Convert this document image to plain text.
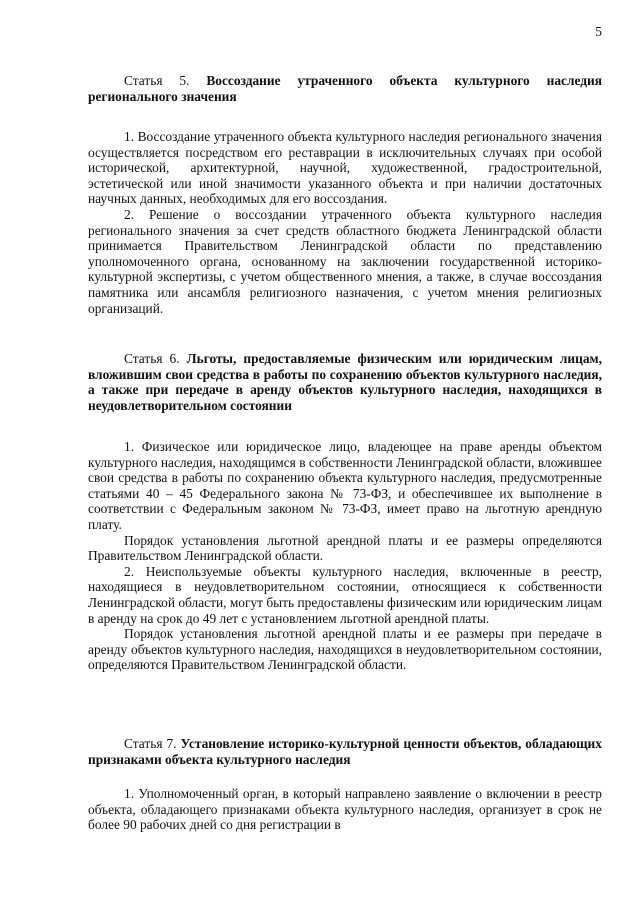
5

Статья 5. Воссоздание утраченного объекта культурного наследия регионального значения

1. Воссоздание утраченного объекта культурного наследия регионального значения осуществляется посредством его реставрации в исключительных случаях при особой исторической, архитектурной, научной, художественной, градостроительной, эстетической или иной значимости указанного объекта и при наличии достаточных научных данных, необходимых для его воссоздания.

2. Решение о воссоздании утраченного объекта культурного наследия регионального значения за счет средств областного бюджета Ленинградской области принимается Правительством Ленинградской области по представлению уполномоченного органа, основанному на заключении государственной историко-культурной экспертизы, с учетом общественного мнения, а также, в случае воссоздания памятника или ансамбля религиозного назначения, с учетом мнения религиозных организаций.

Статья 6. Льготы, предоставляемые физическим или юридическим лицам, вложившим свои средства в работы по сохранению объектов культурного наследия, а также при передаче в аренду объектов культурного наследия, находящихся в неудовлетворительном состоянии

1. Физическое или юридическое лицо, владеющее на праве аренды объектом культурного наследия, находящимся в собственности Ленинградской области, вложившее свои средства в работы по сохранению объекта культурного наследия, предусмотренные статьями 40 – 45 Федерального закона № 73-ФЗ, и обеспечившее их выполнение в соответствии с Федеральным законом № 73-ФЗ, имеет право на льготную арендную плату.

Порядок установления льготной арендной платы и ее размеры определяются Правительством Ленинградской области.

2. Неиспользуемые объекты культурного наследия, включенные в реестр, находящиеся в неудовлетворительном состоянии, относящиеся к собственности Ленинградской области, могут быть предоставлены физическим или юридическим лицам в аренду на срок до 49 лет с установлением льготной арендной платы.

Порядок установления льготной арендной платы и ее размеры при передаче в аренду объектов культурного наследия, находящихся в неудовлетворительном состоянии, определяются Правительством Ленинградской области.

Статья 7. Установление историко-культурной ценности объектов, обладающих признаками объекта культурного наследия

1. Уполномоченный орган, в который направлено заявление о включении в реестр объекта, обладающего признаками объекта культурного наследия, организует в срок не более 90 рабочих дней со дня регистрации в
